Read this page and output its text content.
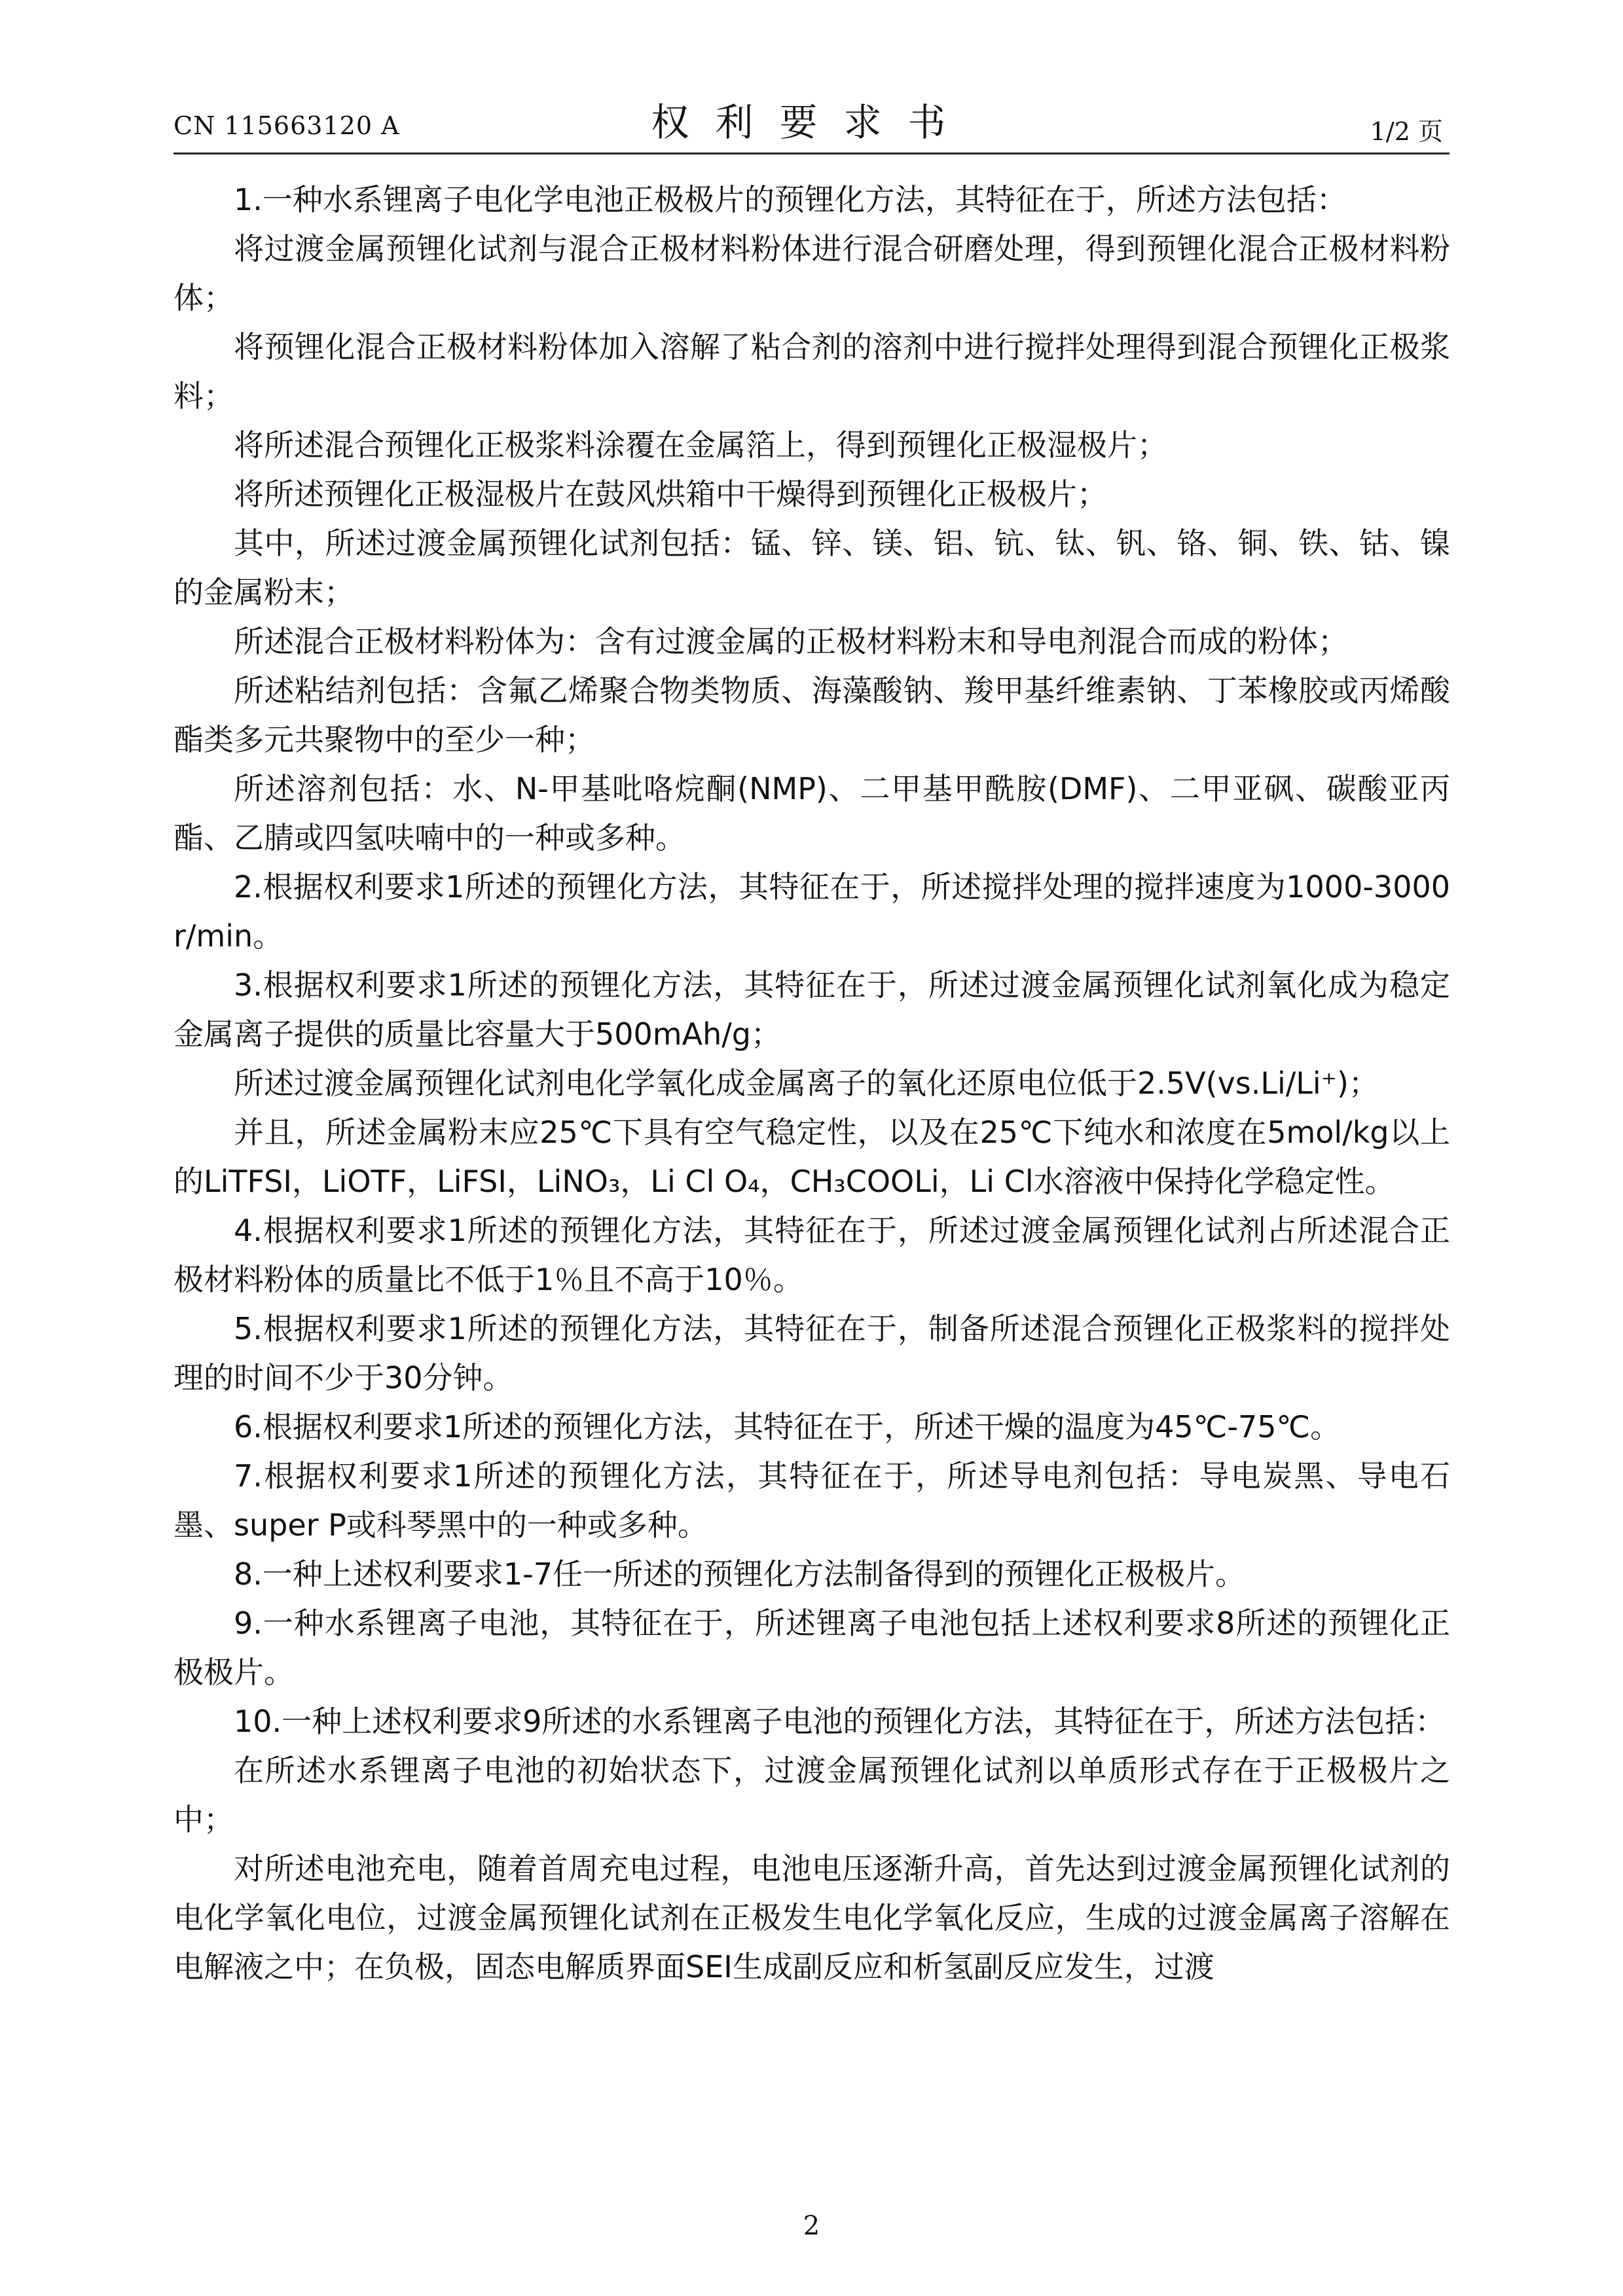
CN 115663120 A	权利要求书	1/2 页

1.一种水系锂离子电化学电池正极极片的预锂化方法，其特征在于，所述方法包括：

将过渡金属预锂化试剂与混合正极材料粉体进行混合研磨处理，得到预锂化混合正极材料粉体；

将预锂化混合正极材料粉体加入溶解了粘合剂的溶剂中进行搅拌处理得到混合预锂化正极浆料；

将所述混合预锂化正极浆料涂覆在金属箔上，得到预锂化正极湿极片；

将所述预锂化正极湿极片在鼓风烘箱中干燥得到预锂化正极极片；

其中，所述过渡金属预锂化试剂包括：锰、锌、镁、铝、钪、钛、钒、铬、铜、铁、钴、镍的金属粉末；

所述混合正极材料粉体为：含有过渡金属的正极材料粉末和导电剂混合而成的粉体；

所述粘结剂包括：含氟乙烯聚合物类物质、海藻酸钠、羧甲基纤维素钠、丁苯橡胶或丙烯酸酯类多元共聚物中的至少一种；

所述溶剂包括：水、N-甲基吡咯烷酮(NMP)、二甲基甲酰胺(DMF)、二甲亚砜、碳酸亚丙酯、乙腈或四氢呋喃中的一种或多种。

2.根据权利要求1所述的预锂化方法，其特征在于，所述搅拌处理的搅拌速度为1000-3000r/min。

3.根据权利要求1所述的预锂化方法，其特征在于，所述过渡金属预锂化试剂氧化成为稳定金属离子提供的质量比容量大于500mAh/g；

所述过渡金属预锂化试剂电化学氧化成金属离子的氧化还原电位低于2.5V(vs.Li/Li⁺)；

并且，所述金属粉末应25℃下具有空气稳定性，以及在25℃下纯水和浓度在5mol/kg以上的LiTFSI，LiOTF，LiFSI，LiNO₃，Li Cl O₄，CH₃COOLi，Li Cl水溶液中保持化学稳定性。

4.根据权利要求1所述的预锂化方法，其特征在于，所述过渡金属预锂化试剂占所述混合正极材料粉体的质量比不低于1％且不高于10％。

5.根据权利要求1所述的预锂化方法，其特征在于，制备所述混合预锂化正极浆料的搅拌处理的时间不少于30分钟。

6.根据权利要求1所述的预锂化方法，其特征在于，所述干燥的温度为45℃-75℃。

7.根据权利要求1所述的预锂化方法，其特征在于，所述导电剂包括：导电炭黑、导电石墨、super P或科琴黑中的一种或多种。

8.一种上述权利要求1-7任一所述的预锂化方法制备得到的预锂化正极极片。

9.一种水系锂离子电池，其特征在于，所述锂离子电池包括上述权利要求8所述的预锂化正极极片。

10.一种上述权利要求9所述的水系锂离子电池的预锂化方法，其特征在于，所述方法包括：

在所述水系锂离子电池的初始状态下，过渡金属预锂化试剂以单质形式存在于正极极片之中；

对所述电池充电，随着首周充电过程，电池电压逐渐升高，首先达到过渡金属预锂化试剂的电化学氧化电位，过渡金属预锂化试剂在正极发生电化学氧化反应，生成的过渡金属离子溶解在电解液之中；在负极，固态电解质界面SEI生成副反应和析氢副反应发生，过渡

2
